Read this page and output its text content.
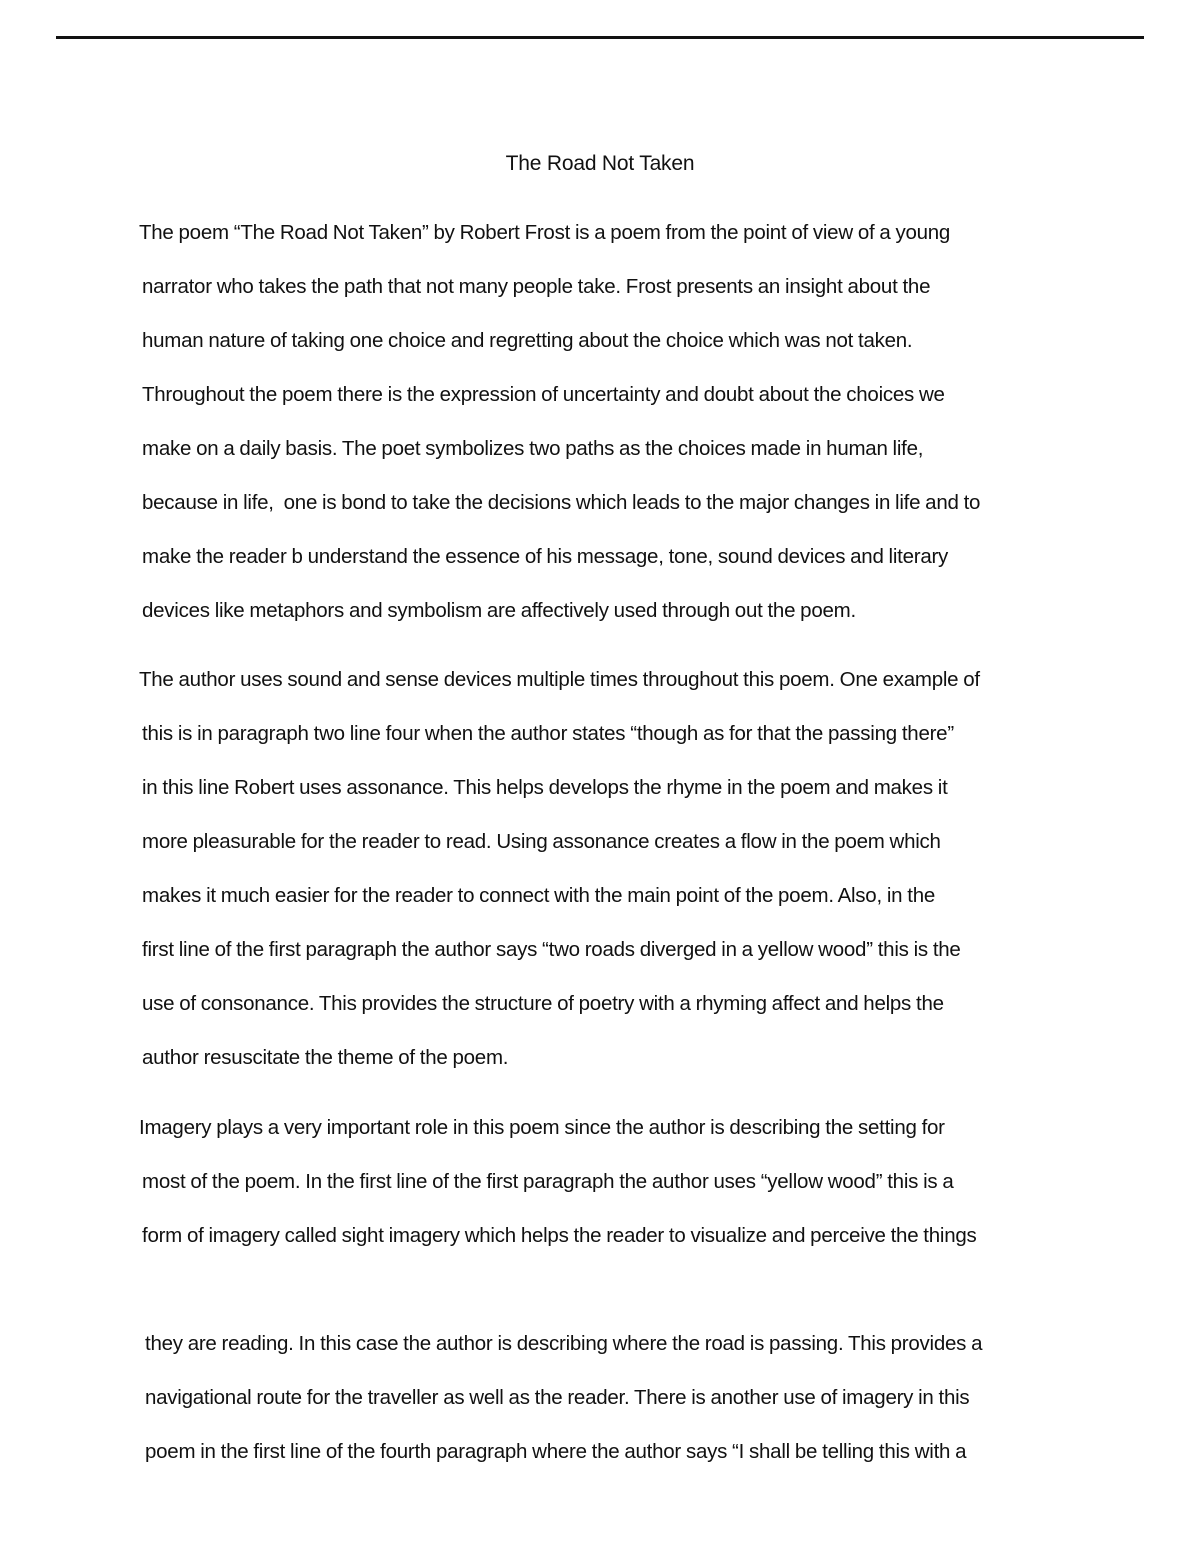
The Road Not Taken
The poem “The Road Not Taken” by Robert Frost is a poem from the point of view of a young
narrator who takes the path that not many people take. Frost presents an insight about the
human nature of taking one choice and regretting about the choice which was not taken.
Throughout the poem there is the expression of uncertainty and doubt about the choices we
make on a daily basis. The poet symbolizes two paths as the choices made in human life,
because in life,  one is bond to take the decisions which leads to the major changes in life and to
make the reader b understand the essence of his message, tone, sound devices and literary
devices like metaphors and symbolism are affectively used through out the poem.
The author uses sound and sense devices multiple times throughout this poem. One example of
this is in paragraph two line four when the author states “though as for that the passing there”
in this line Robert uses assonance. This helps develops the rhyme in the poem and makes it
more pleasurable for the reader to read. Using assonance creates a flow in the poem which
makes it much easier for the reader to connect with the main point of the poem. Also, in the
first line of the first paragraph the author says “two roads diverged in a yellow wood” this is the
use of consonance. This provides the structure of poetry with a rhyming affect and helps the
author resuscitate the theme of the poem.
Imagery plays a very important role in this poem since the author is describing the setting for
most of the poem. In the first line of the first paragraph the author uses “yellow wood” this is a
form of imagery called sight imagery which helps the reader to visualize and perceive the things
they are reading. In this case the author is describing where the road is passing. This provides a
navigational route for the traveller as well as the reader. There is another use of imagery in this
poem in the first line of the fourth paragraph where the author says “I shall be telling this with a
